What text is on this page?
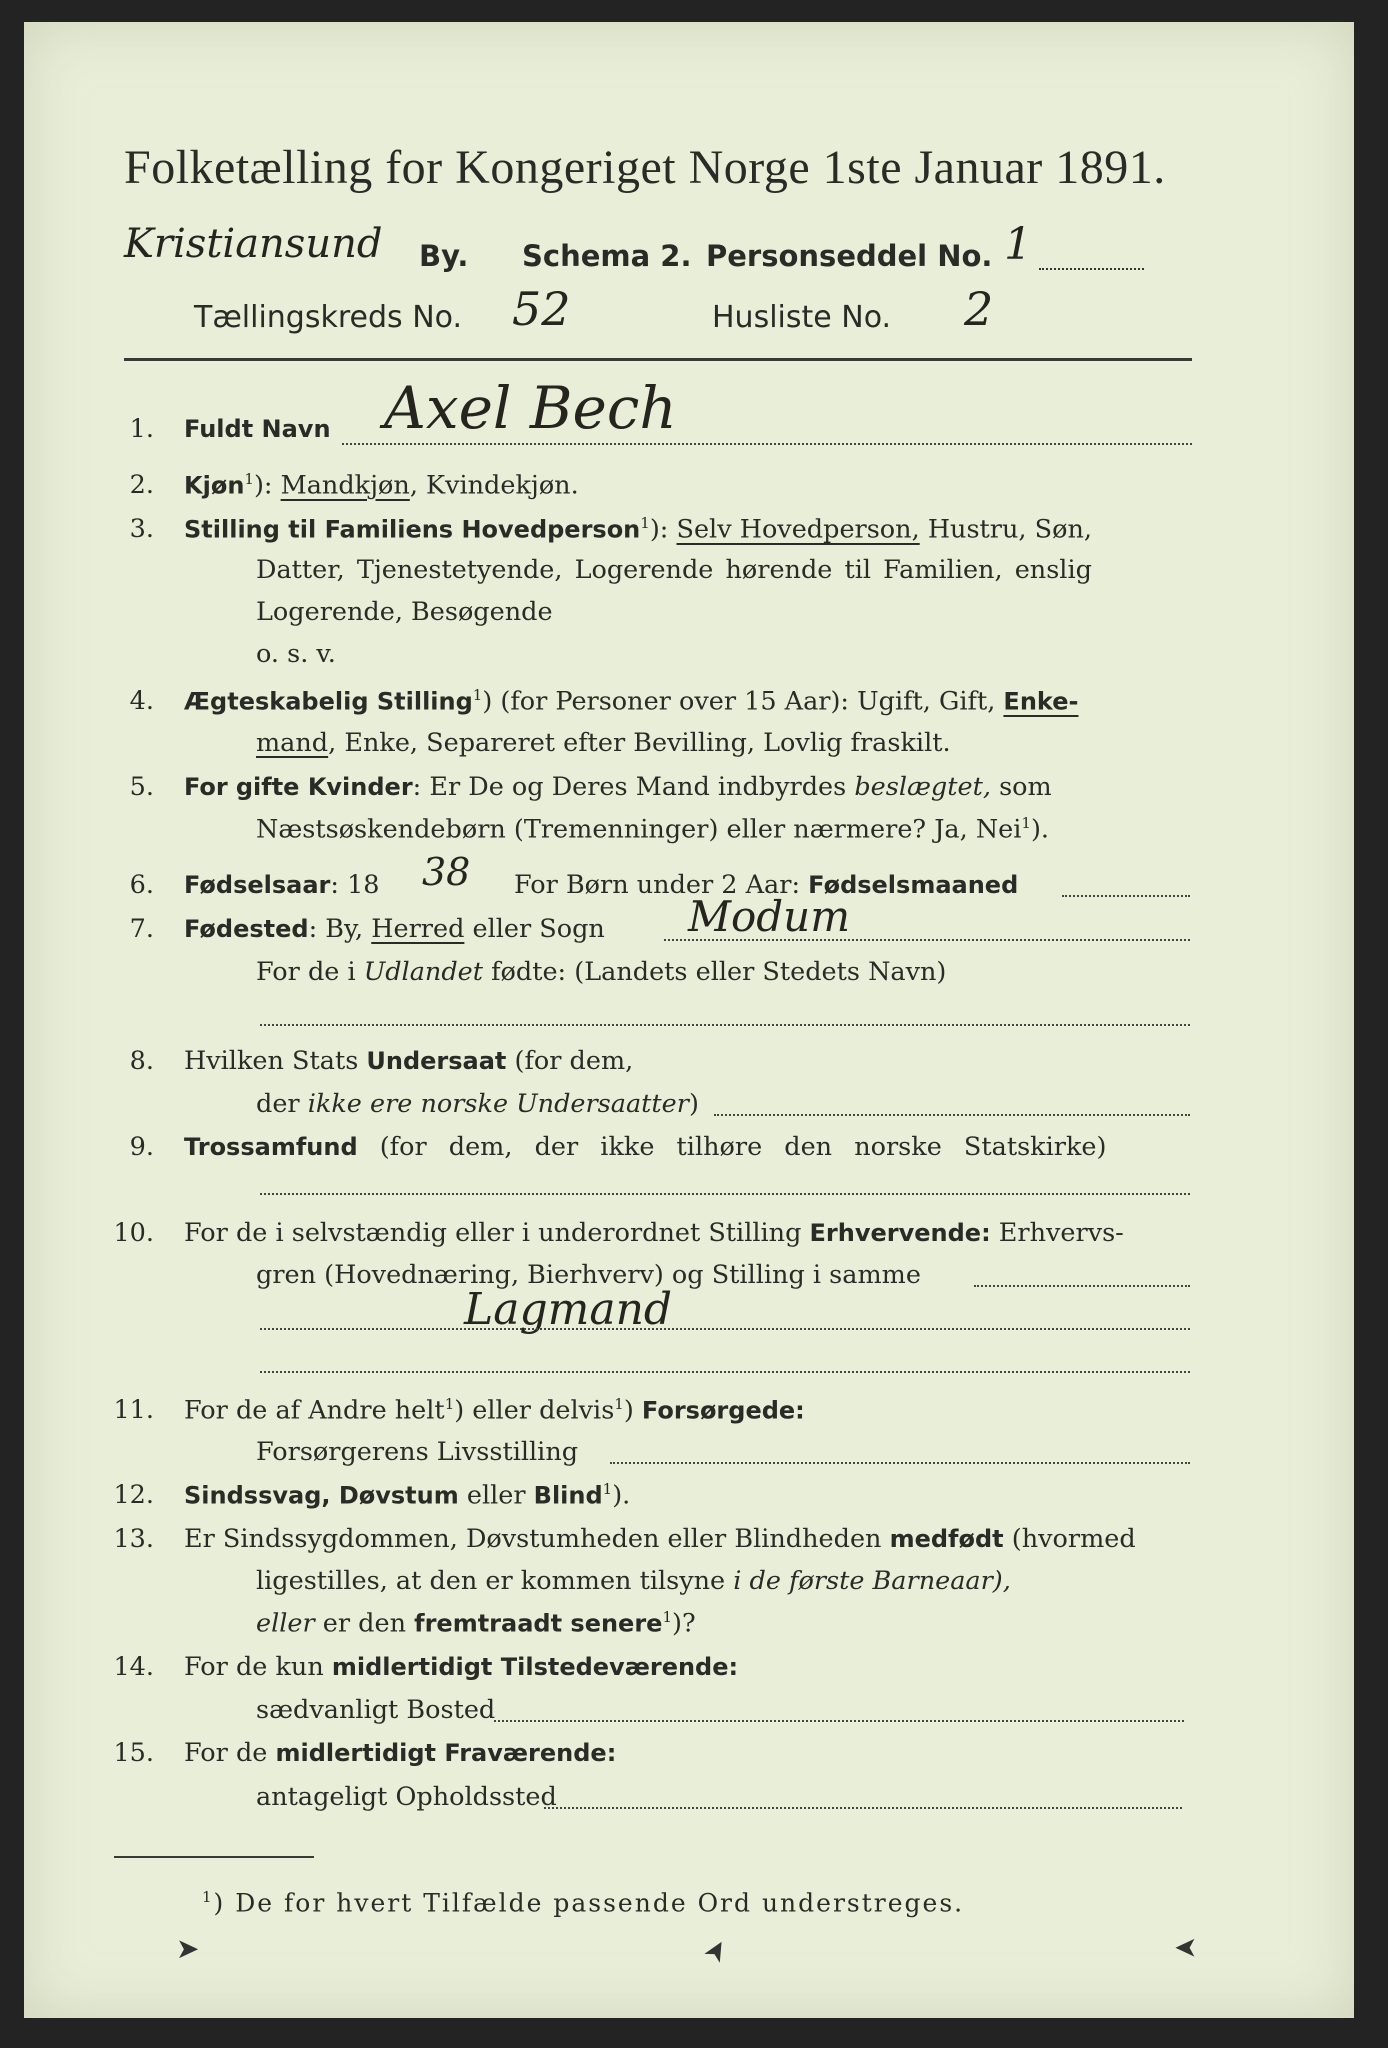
Folketælling for Kongeriget Norge 1ste Januar 1891.
Kristiansund By. Schema 2. Personseddel No. 1
Tællingskreds No. 52	Husliste No. 2
1. Fuldt Navn Axel Bech
2. Kjøn$^1$): Mandkjøn, Kvindekjøn.
3. Stilling til Familiens Hovedperson$^1$): Selv Hovedperson, Hustru, Søn,
Datter, Tjenestetyende, Logerende hørende til Familien, enslig
Logerende, Besøgende
o. s. v.
4. Ægteskabelig Stilling$^1$) (for Personer over 15 Aar): Ugift, Gift, Enke-
mand, Enke, Separeret efter Bevilling, Lovlig fraskilt.
5. For gifte Kvinder: Er De og Deres Mand indbyrdes beslægtet, som
Næstsøskendebørn (Tremenninger) eller nærmere? Ja, Nei$^1$).
6. Fødselsaar: 18 38 For Børn under 2 Aar: Fødselsmaaned
7. Fødested: By, Herred eller Sogn Modum
For de i Udlandet fødte: (Landets eller Stedets Navn)
8. Hvilken Stats Undersaat (for dem,
der ikke ere norske Undersaatter)
9. Trossamfund (for dem, der ikke tilhøre den norske Statskirke)
10. For de i selvstændig eller i underordnet Stilling Erhvervende: Erhvervs-
gren (Hovednæring, Bierhverv) og Stilling i samme
Lagmand
11. For de af Andre helt$^1$) eller delvis$^1$) Forsørgede:
Forsørgerens Livsstilling
12. Sindssvag, Døvstum eller Blind$^1$).
13. Er Sindssygdommen, Døvstumheden eller Blindheden medfødt (hvormed
ligestilles, at den er kommen tilsyne i de første Barneaar),
eller er den fremtraadt senere$^1$)?
14. For de kun midlertidigt Tilstedeværende:
sædvanligt Bosted
15. For de midlertidigt Fraværende:
antageligt Opholdssted
$^1$) De for hvert Tilfælde passende Ord understreges.
➤	➤	➤
